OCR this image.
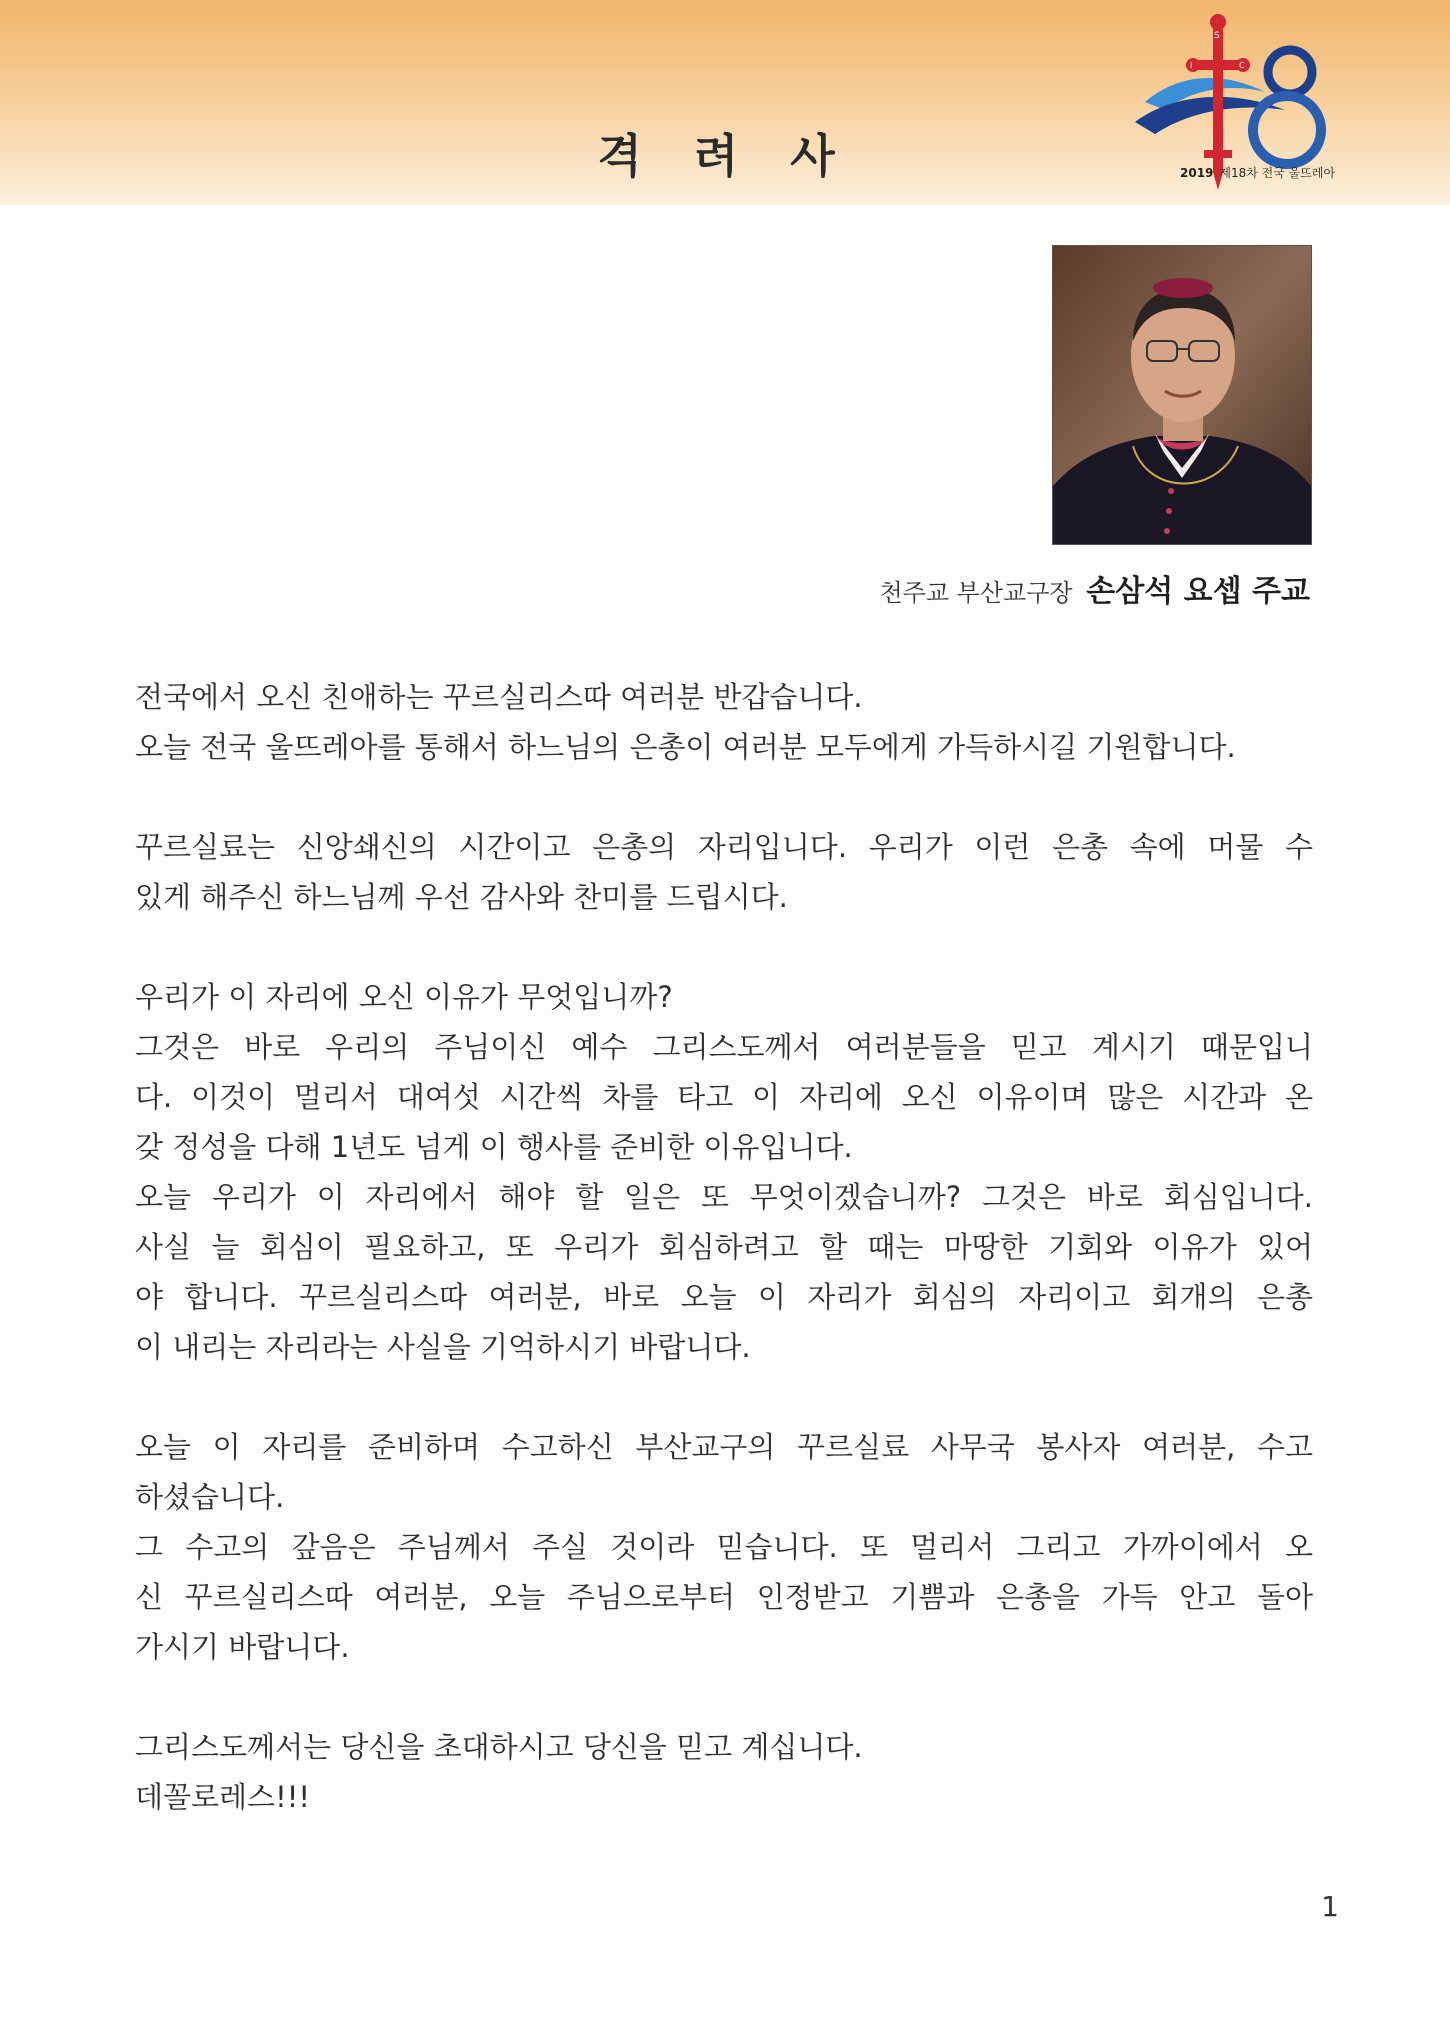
격 려 사
S
I	C
2019 제18차 전국 울뜨레아
천주교 부산교구장 손삼석 요셉 주교
전국에서 오신 친애하는 꾸르실리스따 여러분 반갑습니다.
오늘 전국 울뜨레아를 통해서 하느님의 은총이 여러분 모두에게 가득하시길 기원합니다.
꾸르실료는 신앙쇄신의 시간이고 은총의 자리입니다. 우리가 이런 은총 속에 머물 수
있게 해주신 하느님께 우선 감사와 찬미를 드립시다.
우리가 이 자리에 오신 이유가 무엇입니까?
그것은 바로 우리의 주님이신 예수 그리스도께서 여러분들을 믿고 계시기 때문입니
다. 이것이 멀리서 대여섯 시간씩 차를 타고 이 자리에 오신 이유이며 많은 시간과 온
갖 정성을 다해 1년도 넘게 이 행사를 준비한 이유입니다.
오늘 우리가 이 자리에서 해야 할 일은 또 무엇이겠습니까? 그것은 바로 회심입니다.
사실 늘 회심이 필요하고, 또 우리가 회심하려고 할 때는 마땅한 기회와 이유가 있어
야 합니다. 꾸르실리스따 여러분, 바로 오늘 이 자리가 회심의 자리이고 회개의 은총
이 내리는 자리라는 사실을 기억하시기 바랍니다.
오늘 이 자리를 준비하며 수고하신 부산교구의 꾸르실료 사무국 봉사자 여러분, 수고
하셨습니다.
그 수고의 갚음은 주님께서 주실 것이라 믿습니다. 또 멀리서 그리고 가까이에서 오
신 꾸르실리스따 여러분, 오늘 주님으로부터 인정받고 기쁨과 은총을 가득 안고 돌아
가시기 바랍니다.
그리스도께서는 당신을 초대하시고 당신을 믿고 계십니다.
데꼴로레스!!!
1
